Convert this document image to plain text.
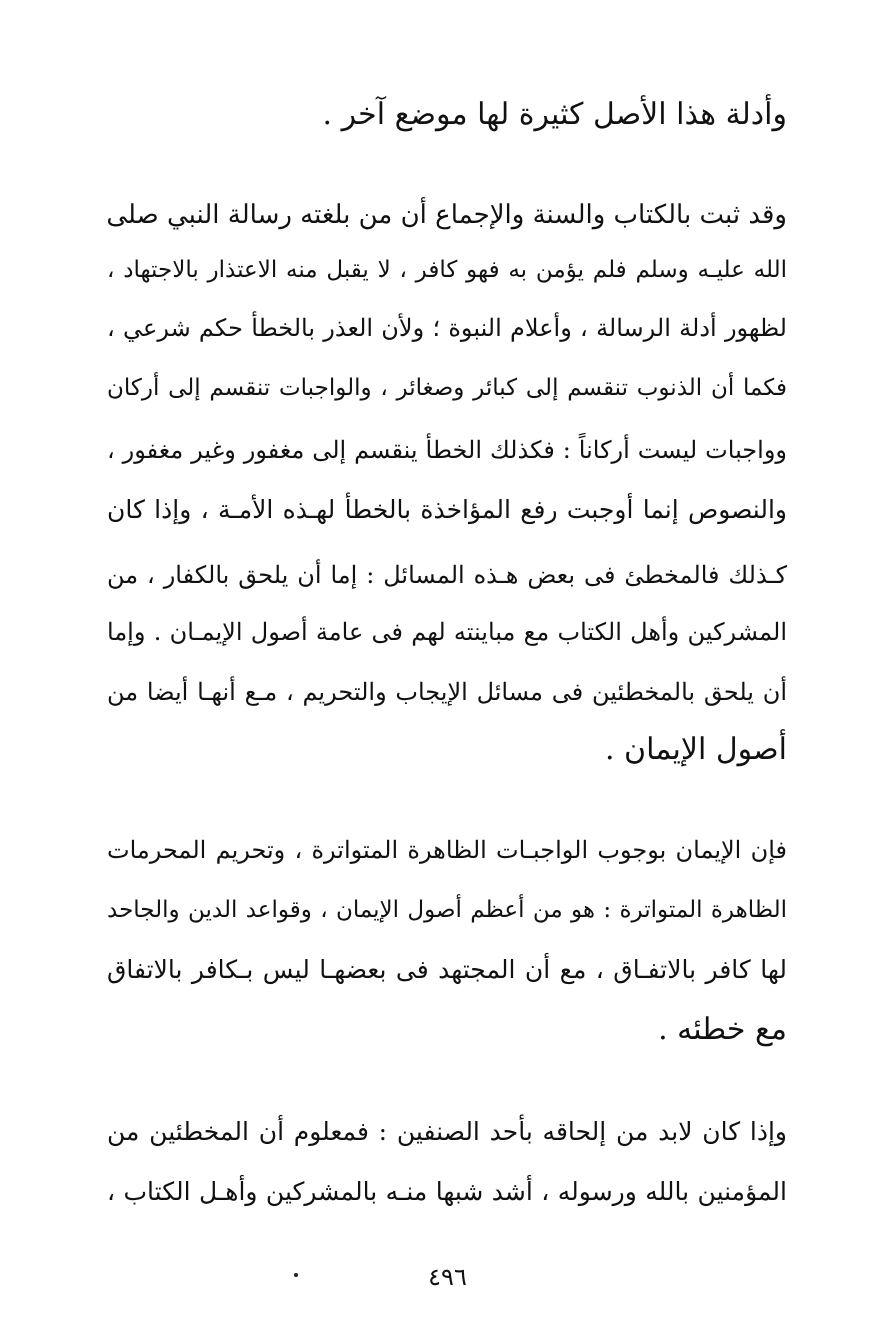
وأدلة هذا الأصل كثيرة لها موضع آخر .
وقد ثبت بالكتاب والسنة والإجماع أن من بلغته رسالة النبي صلى
الله عليـه وسلم فلم يؤمن به فهو كافر ، لا يقبل منه الاعتذار بالاجتهاد ،
لظهور أدلة الرسالة ، وأعلام النبوة ؛ ولأن العذر بالخطأ حكم شرعي ،
فكما أن الذنوب تنقسم إلى كبائر وصغائر ، والواجبات تنقسم إلى أركان
وواجبات ليست أركاناً : فكذلك الخطأ ينقسم إلى مغفور وغير مغفور ،
والنصوص إنما أوجبت رفع المؤاخذة بالخطأ لهـذه الأمـة ، وإذا كان
كـذلك فالمخطئ فى بعض هـذه المسائل : إما أن يلحق بالكفار ، من
المشركين وأهل الكتاب مع مباينته لهم فى عامة أصول الإيمـان . وإما
أن يلحق بالمخطئين فى مسائل الإيجاب والتحريم ، مـع أنهـا أيضا من
أصول الإيمان .
فإن الإيمان بوجوب الواجبـات الظاهرة المتواترة ، وتحريم المحرمات
الظاهرة المتواترة : هو من أعظم أصول الإيمان ، وقواعد الدين والجاحد
لها كافر بالاتفـاق ، مع أن المجتهد فى بعضهـا ليس بـكافر بالاتفاق
مع خطئه .
وإذا كان لابد من إلحاقه بأحد الصنفين : فمعلوم أن المخطئين من
المؤمنين بالله ورسوله ، أشد شبها منـه بالمشركين وأهـل الكتاب ،
٤٩٦
